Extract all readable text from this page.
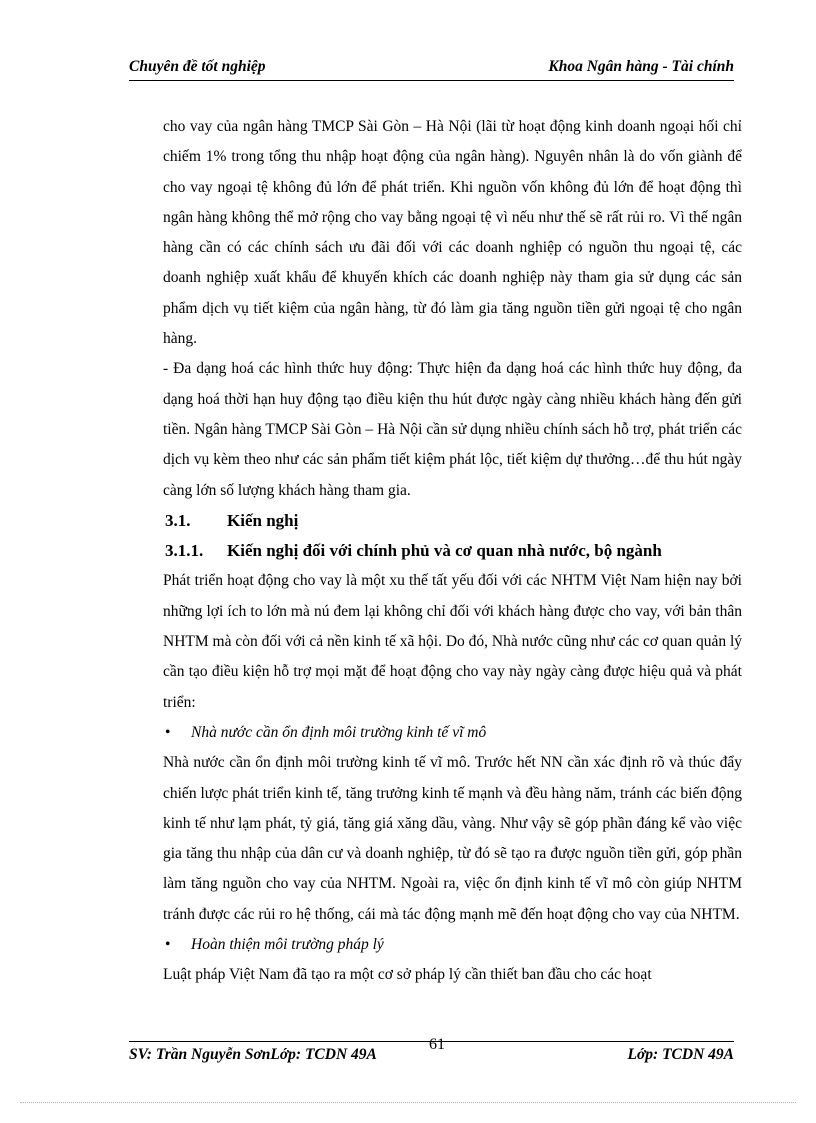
Chuyên đề tốt nghiệp	Khoa Ngân hàng - Tài chính
cho vay của ngân hàng TMCP Sài Gòn – Hà Nội (lãi từ hoạt động kinh doanh ngoại hối chỉ chiếm 1% trong tổng thu nhập hoạt động của ngân hàng). Nguyên nhân là do vốn giành để cho vay ngoại tệ không đủ lớn để phát triển. Khi nguồn vốn không đủ lớn để hoạt động thì ngân hàng không thể mở rộng cho vay bằng ngoại tệ vì nếu như thế sẽ rất rủi ro. Vì thế ngân hàng cần có các chính sách ưu đãi đối với các doanh nghiệp có nguồn thu ngoại tệ, các doanh nghiệp xuất khẩu để khuyến khích các doanh nghiệp này tham gia sử dụng các sản phẩm dịch vụ tiết kiệm của ngân hàng, từ đó làm gia tăng nguồn tiền gửi ngoại tệ cho ngân hàng.
- Đa dạng hoá các hình thức huy động: Thực hiện đa dạng hoá các hình thức huy động, đa dạng hoá thời hạn huy động tạo điều kiện thu hút được ngày càng nhiều khách hàng đến gửi tiền. Ngân hàng TMCP Sài Gòn – Hà Nội cần sử dụng nhiều chính sách hỗ trợ, phát triển các dịch vụ kèm theo như các sản phẩm tiết kiệm phát lộc, tiết kiệm dự thưởng…để thu hút ngày càng lớn số lượng khách hàng tham gia.
3.1. Kiến nghị
3.1.1. Kiến nghị đối với chính phủ và cơ quan nhà nước, bộ ngành
Phát triển hoạt động cho vay là một xu thế tất yếu đối với các NHTM Việt Nam hiện nay bởi những lợi ích to lớn mà nú đem lại không chỉ đối với khách hàng được cho vay, với bản thân NHTM mà còn đối với cả nền kinh tế xã hội. Do đó, Nhà nước cũng như các cơ quan quản lý cần tạo điều kiện hỗ trợ mọi mặt để hoạt động cho vay này ngày càng được hiệu quả và phát triển:
• Nhà nước cần ổn định môi trường kinh tế vĩ mô
Nhà nước cần ổn định môi trường kinh tế vĩ mô. Trước hết NN cần xác định rõ và thúc đẩy chiến lược phát triển kinh tế, tăng trưởng kinh tế mạnh và đều hàng năm, tránh các biến động kinh tế như lạm phát, tỷ giá, tăng giá xăng dầu, vàng. Như vậy sẽ góp phần đáng kể vào việc gia tăng thu nhập của dân cư và doanh nghiệp, từ đó sẽ tạo ra được nguồn tiền gửi, góp phần làm tăng nguồn cho vay của NHTM. Ngoài ra, việc ổn định kinh tế vĩ mô còn giúp NHTM tránh được các rủi ro hệ thống, cái mà tác động mạnh mẽ đến hoạt động cho vay của NHTM.
• Hoàn thiện môi trường pháp lý
Luật pháp Việt Nam đã tạo ra một cơ sở pháp lý cần thiết ban đầu cho các hoạt
SV: Trần Nguyễn SơnLớp: TCDN 49A
61
Lớp: TCDN 49A
